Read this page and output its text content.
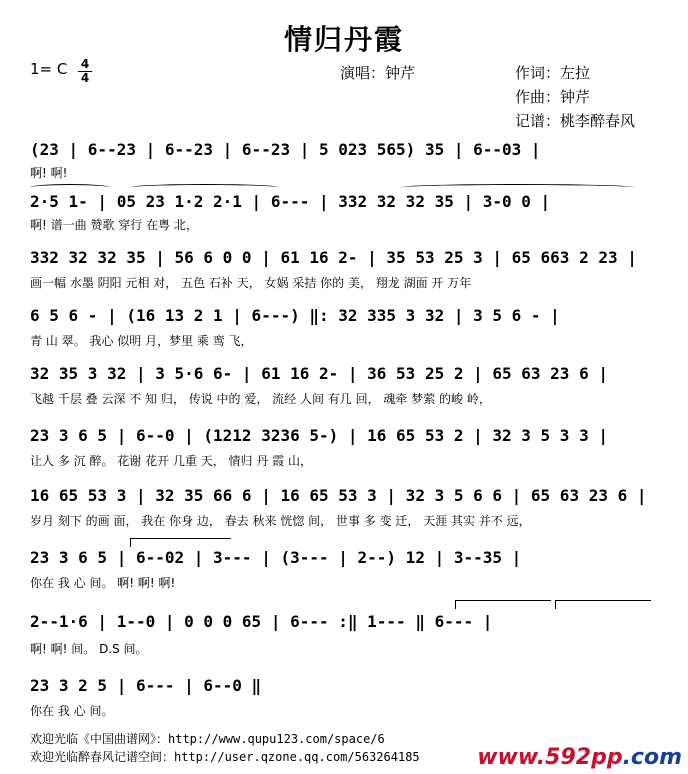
情归丹霞
1= C 4
4	演唱：钟芹	作词：左拉
作曲：钟芹
记谱：桃李醉春风
(23 | 6--23 | 6--23 | 6--23 | 5 023 565) 35 | 6--03 |
啊! 啊!
2·5 1- | 05 23 1·2 2·1 | 6--- | 332 32 32 35 | 3-0 0 |
啊! 谱一曲 赞歌 穿行 在粤 北，
332 32 32 35 | 56 6 0 0 | 61 16 2- | 35 53 25 3 | 65 663 2 23 |
画一幅 水墨 阴阳 元相 对， 五色 石补 天， 女娲 采拮 你的 美， 翔龙 湖面 开 万年
6 5 6 - | (16 13 2 1 | 6---) ‖: 32 335 3 32 | 3 5 6 - |
青 山 翠。 我心 似明 月，梦里 乘 鸾 飞，
32 35 3 32 | 3 5·6 6- | 61 16 2- | 36 53 25 2 | 65 63 23 6 |
飞越 千层 叠 云深 不 知 归， 传说 中的 爱， 流经 人间 有几 回， 魂牵 梦萦 的峻 岭，
23 3 6 5 | 6--0 | (1212 3236 5-) | 16 65 53 2 | 32 3 5 3 3 |
让人 多 沉 醉。 花谢 花开 几重 天， 情归 丹 霞 山，
16 65 53 3 | 32 35 66 6 | 16 65 53 3 | 32 3 5 6 6 | 65 63 23 6 |
岁月 刻下 的画 面， 我在 你身 边， 春去 秋来 恍惚 间， 世事 多 变 迁， 天涯 其实 并不 远，
23 3 6 5 | 6--02 | 3--- | (3--- | 2--) 12 | 3--35 |
你在 我 心 间。 啊! 啊! 啊!
2--1·6 | 1--0 | 0 0 0 65 | 6--- :‖ 1--- ‖ 6--- |
啊! 啊! 间。 D.S 间。
23 3 2 5 | 6--- | 6--0 ‖
你在 我 心 间。
欢迎光临《中国曲谱网》：http://www.qupu123.com/space/6
欢迎光临醉春风记谱空间：http://user.qzone.qq.com/563264185	www.592pp.com
